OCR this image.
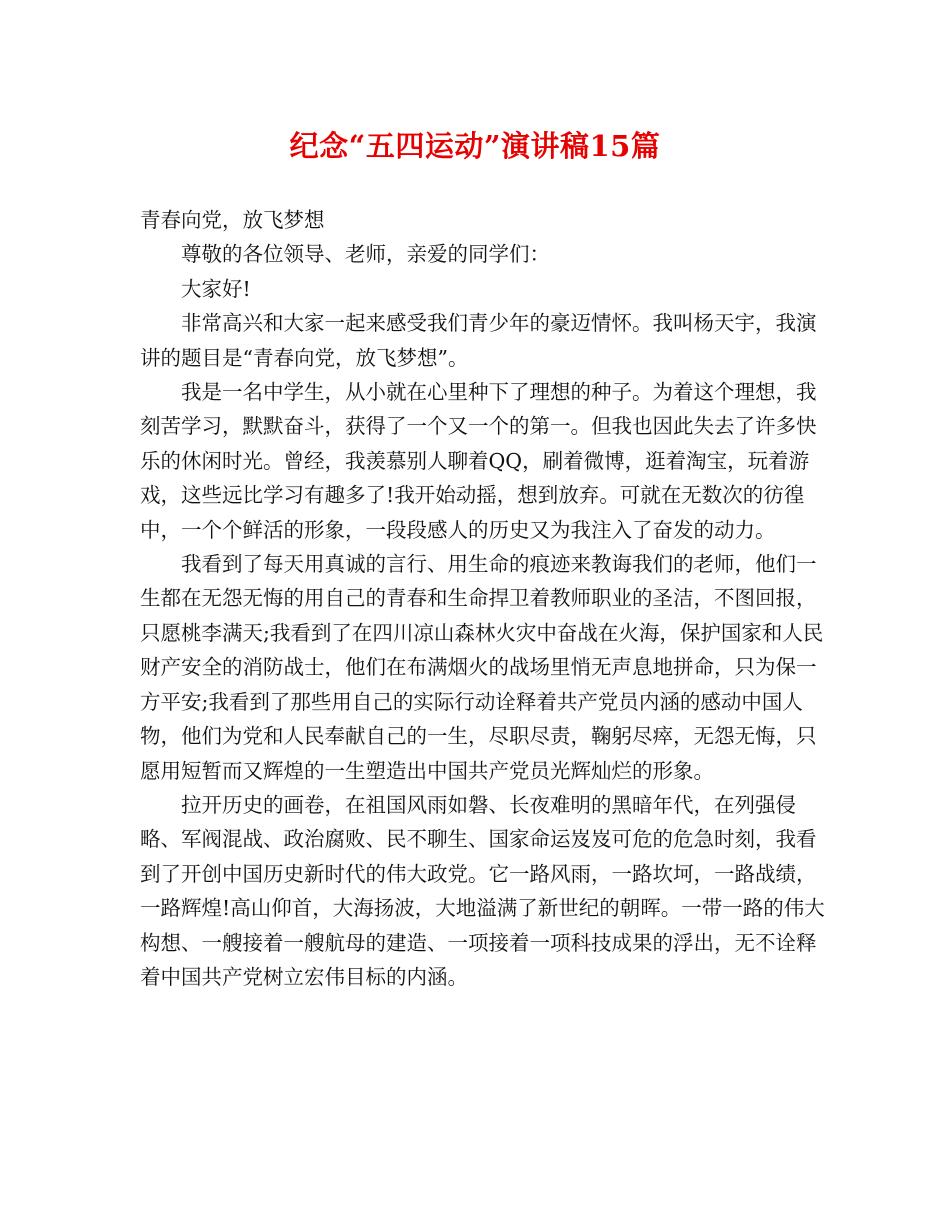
纪念“五四运动”演讲稿15篇

青春向党，放飞梦想

尊敬的各位领导、老师，亲爱的同学们：

大家好!

非常高兴和大家一起来感受我们青少年的豪迈情怀。我叫杨天宇，我演讲的题目是“青春向党，放飞梦想”。

我是一名中学生，从小就在心里种下了理想的种子。为着这个理想，我刻苦学习，默默奋斗，获得了一个又一个的第一。但我也因此失去了许多快乐的休闲时光。曾经，我羡慕别人聊着QQ，刷着微博，逛着淘宝，玩着游戏，这些远比学习有趣多了!我开始动摇，想到放弃。可就在无数次的彷徨中，一个个鲜活的形象，一段段感人的历史又为我注入了奋发的动力。

我看到了每天用真诚的言行、用生命的痕迹来教诲我们的老师，他们一生都在无怨无悔的用自己的青春和生命捍卫着教师职业的圣洁，不图回报，只愿桃李满天;我看到了在四川凉山森林火灾中奋战在火海，保护国家和人民财产安全的消防战士，他们在布满烟火的战场里悄无声息地拼命，只为保一方平安;我看到了那些用自己的实际行动诠释着共产党员内涵的感动中国人物，他们为党和人民奉献自己的一生，尽职尽责，鞠躬尽瘁，无怨无悔，只愿用短暂而又辉煌的一生塑造出中国共产党员光辉灿烂的形象。

拉开历史的画卷，在祖国风雨如磐、长夜难明的黑暗年代，在列强侵略、军阀混战、政治腐败、民不聊生、国家命运岌岌可危的危急时刻，我看到了开创中国历史新时代的伟大政党。它一路风雨，一路坎坷，一路战绩，一路辉煌!高山仰首，大海扬波，大地溢满了新世纪的朝晖。一带一路的伟大构想、一艘接着一艘航母的建造、一项接着一项科技成果的浮出，无不诠释着中国共产党树立宏伟目标的内涵。
